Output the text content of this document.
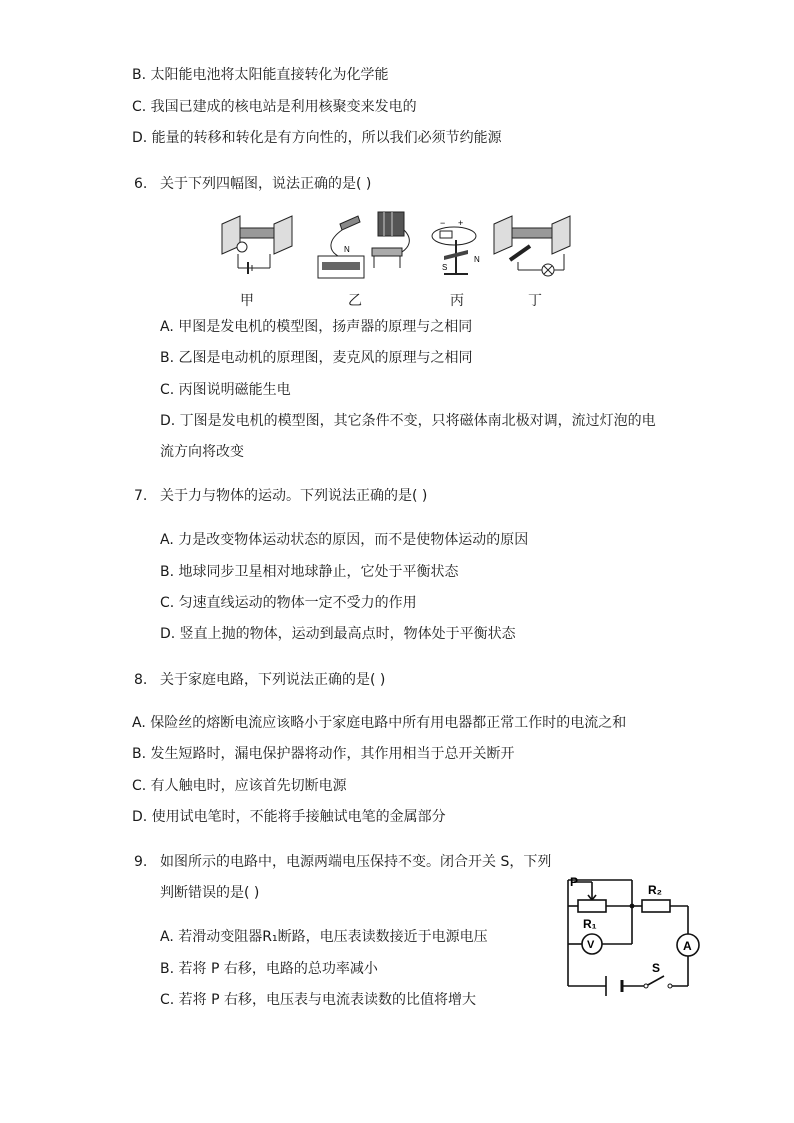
B. 太阳能电池将太阳能直接转化为化学能
C. 我国已建成的核电站是利用核聚变来发电的
D. 能量的转移和转化是有方向性的，所以我们必须节约能源
6. 关于下列四幅图，说法正确的是( )
N
− +
S
N
甲	乙	丙	丁
A. 甲图是发电机的模型图，扬声器的原理与之相同
B. 乙图是电动机的原理图，麦克风的原理与之相同
C. 丙图说明磁能生电
D. 丁图是发电机的模型图，其它条件不变，只将磁体南北极对调，流过灯泡的电
流方向将改变
7. 关于力与物体的运动。下列说法正确的是( )
A. 力是改变物体运动状态的原因，而不是使物体运动的原因
B. 地球同步卫星相对地球静止，它处于平衡状态
C. 匀速直线运动的物体一定不受力的作用
D. 竖直上抛的物体，运动到最高点时，物体处于平衡状态
8. 关于家庭电路，下列说法正确的是( )
A. 保险丝的熔断电流应该略小于家庭电路中所有用电器都正常工作时的电流之和
B. 发生短路时，漏电保护器将动作，其作用相当于总开关断开
C. 有人触电时，应该首先切断电源
D. 使用试电笔时，不能将手接触试电笔的金属部分
9. 如图所示的电路中，电源两端电压保持不变。闭合开关 S，下列
判断错误的是( )
A. 若滑动变阻器R₁断路，电压表读数接近于电源电压
B. 若将 P 右移，电路的总功率减小
C. 若将 P 右移，电压表与电流表读数的比值将增大
P
R₁
R₂
V	A
S
